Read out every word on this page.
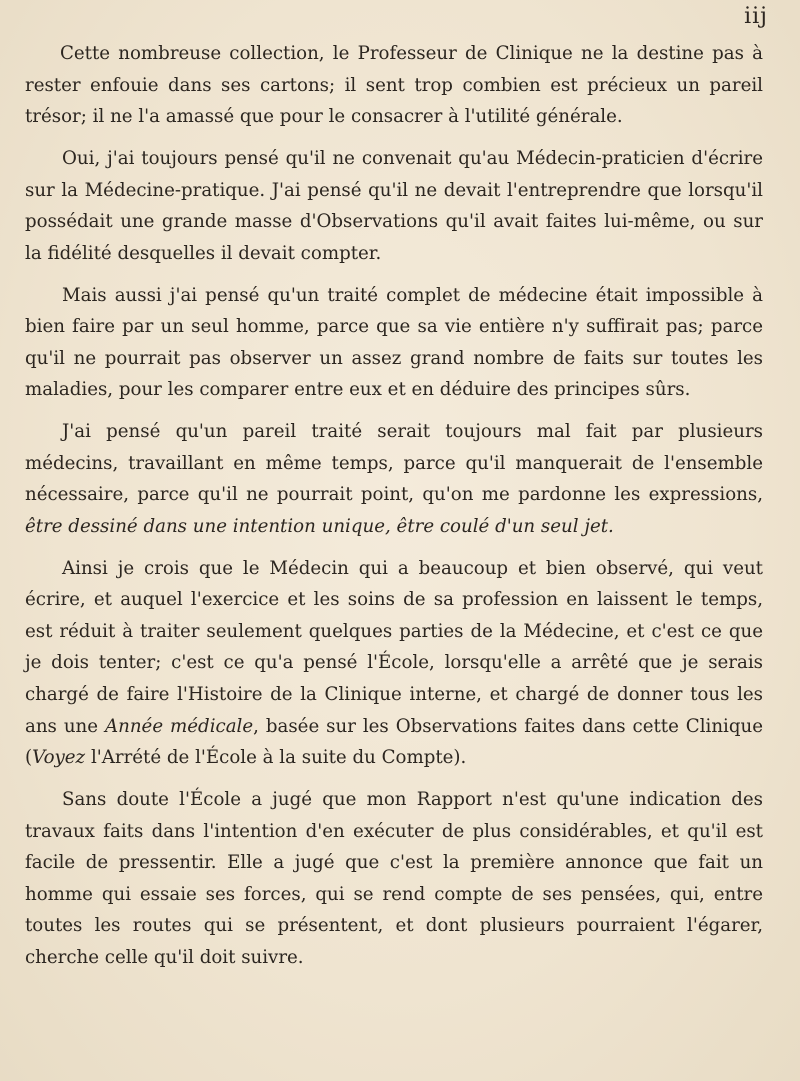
iij

Cette nombreuse collection, le Professeur de Clinique ne la destine pas à rester enfouie dans ses cartons; il sent trop combien est précieux un pareil trésor; il ne l'a amassé que pour le consacrer à l'utilité générale.

Oui, j'ai toujours pensé qu'il ne convenait qu'au Médecin-praticien d'écrire sur la Médecine-pratique. J'ai pensé qu'il ne devait l'entreprendre que lorsqu'il possédait une grande masse d'Observations qu'il avait faites lui-même, ou sur la fidélité desquelles il devait compter.

Mais aussi j'ai pensé qu'un traité complet de médecine était impossible à bien faire par un seul homme, parce que sa vie entière n'y suffirait pas; parce qu'il ne pourrait pas observer un assez grand nombre de faits sur toutes les maladies, pour les comparer entre eux et en déduire des principes sûrs.

J'ai pensé qu'un pareil traité serait toujours mal fait par plusieurs médecins, travaillant en même temps, parce qu'il manquerait de l'ensemble nécessaire, parce qu'il ne pourrait point, qu'on me pardonne les expressions, être dessiné dans une intention unique, être coulé d'un seul jet.

Ainsi je crois que le Médecin qui a beaucoup et bien observé, qui veut écrire, et auquel l'exercice et les soins de sa profession en laissent le temps, est réduit à traiter seulement quelques parties de la Médecine, et c'est ce que je dois tenter; c'est ce qu'a pensé l'École, lorsqu'elle a arrêté que je serais chargé de faire l'Histoire de la Clinique interne, et chargé de donner tous les ans une Année médicale, basée sur les Observations faites dans cette Clinique (Voyez l'Arrété de l'École à la suite du Compte).

Sans doute l'École a jugé que mon Rapport n'est qu'une indication des travaux faits dans l'intention d'en exécuter de plus considérables, et qu'il est facile de pressentir. Elle a jugé que c'est la première annonce que fait un homme qui essaie ses forces, qui se rend compte de ses pensées, qui, entre toutes les routes qui se présentent, et dont plusieurs pourraient l'égarer, cherche celle qu'il doit suivre.
